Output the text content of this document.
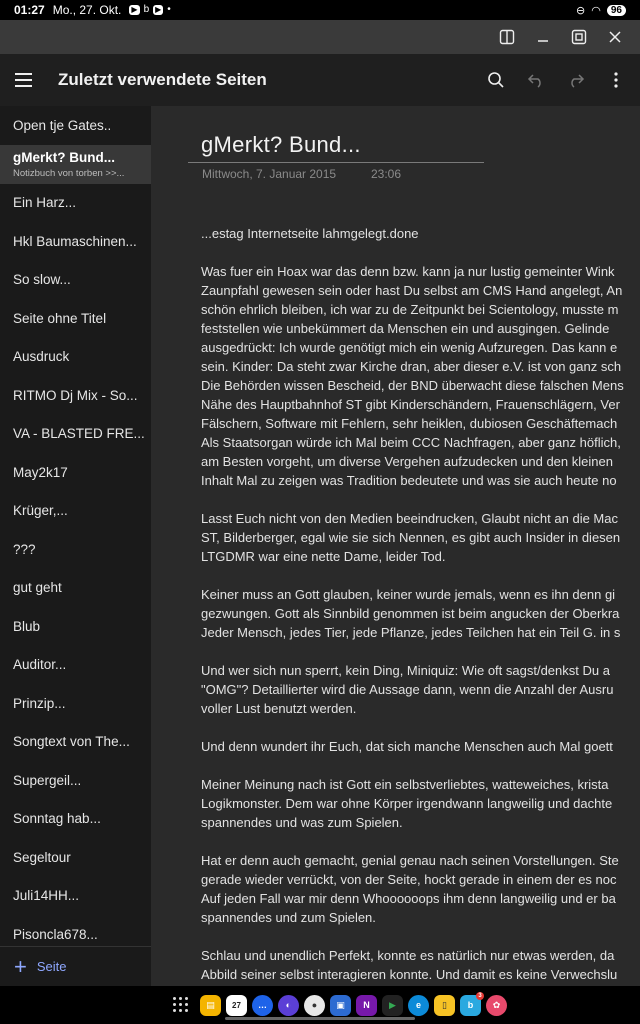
01:27 Mo., 27. Okt. ▶ b ▶ •	⊖ ◠	96
Zuletzt verwendete Seiten
Open tje Gates..
gMerkt? Bund...
Notizbuch von torben >>...
Ein Harz...
Hkl Baumaschinen...
So slow...
Seite ohne Titel
Ausdruck
RITMO Dj Mix - So...
VA - BLASTED FRE...
May2k17
Krüger,...
???
gut geht
Blub
Auditor...
Prinzip...
Songtext von The...
Supergeil...
Sonntag hab...
Segeltour
Juli14HH...
Pisoncla678...
+ Seite
gMerkt? Bund...
Mittwoch, 7. Januar 2015	23:06
...estag Internetseite lahmgelegt.done
Was fuer ein Hoax war das denn bzw. kann ja nur lustig gemeinter Wink
Zaunpfahl gewesen sein oder hast Du selbst am CMS Hand angelegt, An
schön ehrlich bleiben, ich war zu de Zeitpunkt bei Scientology, musste m
feststellen wie unbekümmert da Menschen ein und ausgingen. Gelinde
ausgedrückt: Ich wurde genötigt mich ein wenig Aufzuregen. Das kann e
sein. Kinder: Da steht zwar Kirche dran, aber dieser e.V. ist von ganz sch
Die Behörden wissen Bescheid, der BND überwacht diese falschen Mens
Nähe des Hauptbahnhof ST gibt Kinderschändern, Frauenschlägern, Ver
Fälschern, Software mit Fehlern, sehr heiklen, dubiosen Geschäftemach
Als Staatsorgan würde ich Mal beim CCC Nachfragen, aber ganz höflich,
am Besten vorgeht, um diverse Vergehen aufzudecken und den kleinen
Inhalt Mal zu zeigen was Tradition bedeutete und was sie auch heute no
Lasst Euch nicht von den Medien beeindrucken, Glaubt nicht an die Mac
ST, Bilderberger, egal wie sie sich Nennen, es gibt auch Insider in diesen
LTGDMR war eine nette Dame, leider Tod.
Keiner muss an Gott glauben, keiner wurde jemals, wenn es ihn denn gi
gezwungen. Gott als Sinnbild genommen ist beim angucken der Oberkra
Jeder Mensch, jedes Tier, jede Pflanze, jedes Teilchen hat ein Teil G. in s
Und wer sich nun sperrt, kein Ding, Miniquiz: Wie oft sagst/denkst Du a
"OMG"? Detaillierter wird die Aussage dann, wenn die Anzahl der Ausru
voller Lust benutzt werden.
Und denn wundert ihr Euch, dat sich manche Menschen auch Mal goett
Meiner Meinung nach ist Gott ein selbstverliebtes, watteweiches, krista
Logikmonster. Dem war ohne Körper irgendwann langweilig und dachte
spannendes und was zum Spielen.
Hat er denn auch gemacht, genial genau nach seinen Vorstellungen. Ste
gerade wieder verrückt, von der Seite, hockt gerade in einem der es noc
Auf jeden Fall war mir denn Whoooooops ihm denn langweilig und er ba
spannendes und zum Spielen.
Schlau und unendlich Perfekt, konnte es natürlich nur etwas werden, da
Abbild seiner selbst interagieren konnte. Und damit es keine Verwechslu
▤	27	…	◐	●	▣	N	▶	e	▯	b
3
✿
